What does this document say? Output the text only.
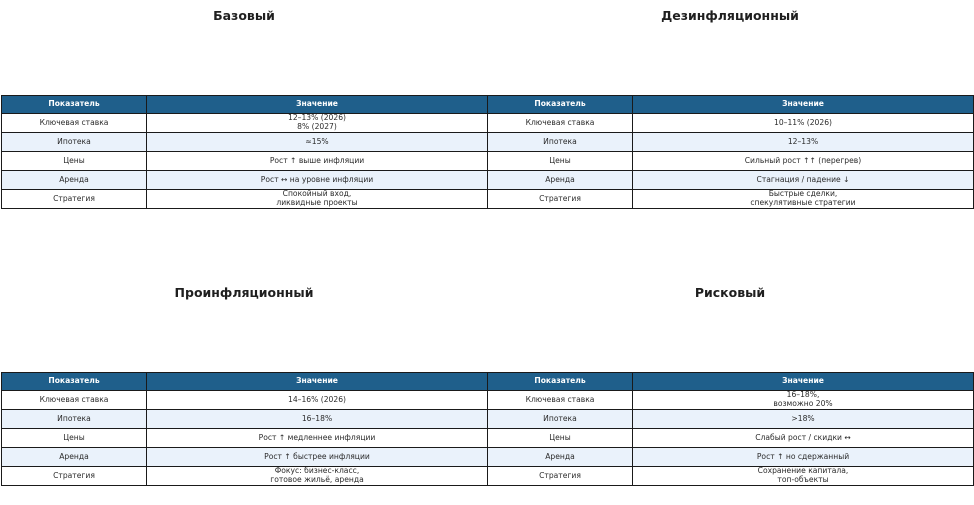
Базовый
Показатель	Значение
Ключевая ставка	12–13% (2026)
8% (2027)

Ипотека	≈15%

Цены	Рост ↑ выше инфляции

Аренда	Рост ↔ на уровне инфляции

Стратегия	Спокойный вход,
ликвидные проекты
Дезинфляционный
Показатель	Значение
Ключевая ставка	10–11% (2026)

Ипотека	12–13%

Цены	Сильный рост ↑↑ (перегрев)

Аренда	Стагнация / падение ↓

Стратегия	Быстрые сделки,
спекулятивные стратегии
Проинфляционный
Показатель	Значение
Ключевая ставка	14–16% (2026)

Ипотека	16–18%

Цены	Рост ↑ медленнее инфляции

Аренда	Рост ↑ быстрее инфляции

Стратегия	Фокус: бизнес-класс,
готовое жильё, аренда
Рисковый
Показатель	Значение
Ключевая ставка	16–18%,
возможно 20%

Ипотека	>18%

Цены	Слабый рост / скидки ↔

Аренда	Рост ↑ но сдержанный

Стратегия	Сохранение капитала,
топ-объекты
